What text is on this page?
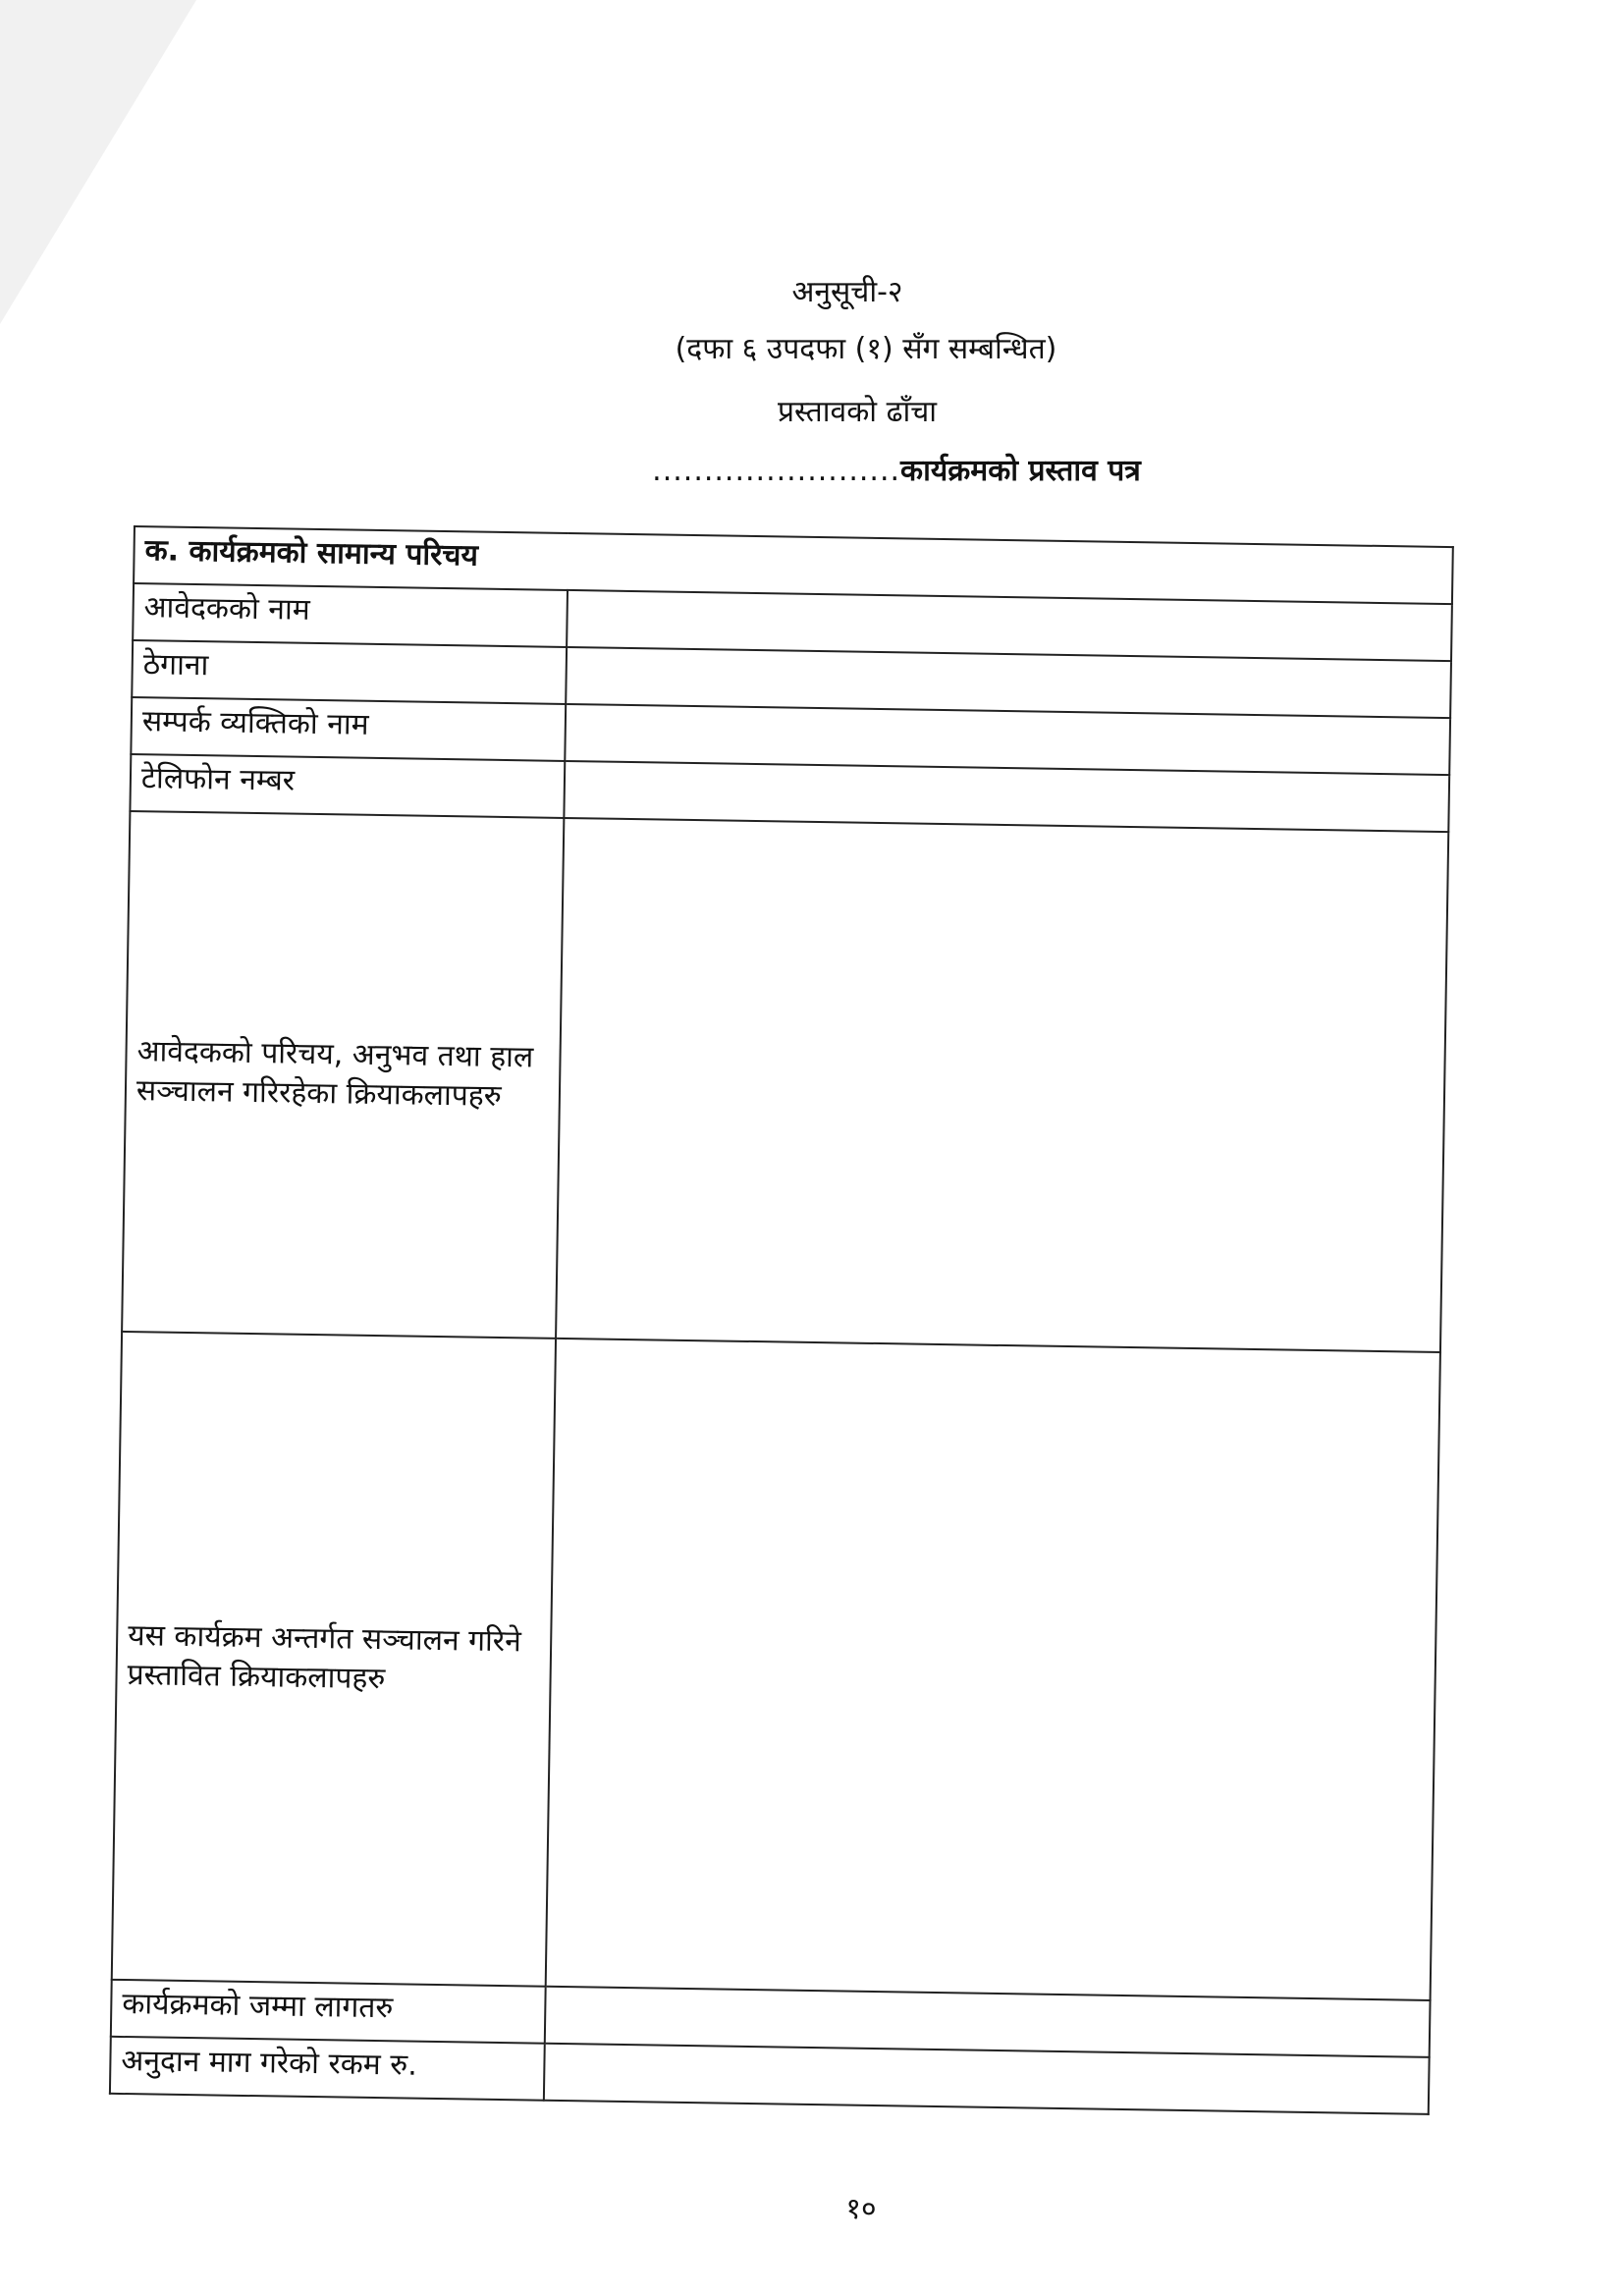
अनुसूची-२
(दफा ६ उपदफा (१) सँग सम्बन्धित)
प्रस्तावको ढाँचा
........................कार्यक्रमको प्रस्ताव पत्र
क. कार्यक्रमको सामान्य परिचय	
आवेदकको नाम	
ठेगाना	
सम्पर्क व्यक्तिको नाम	
टेलिफोन नम्बर	
आवेदकको परिचय, अनुभव तथा हाल सञ्चालन गरिरहेका क्रियाकलापहरु	
यस कार्यक्रम अन्तर्गत सञ्चालन गरिने प्रस्तावित क्रियाकलापहरु	
कार्यक्रमको जम्मा लागतरु	
अनुदान माग गरेको रकम रु.	
१०
